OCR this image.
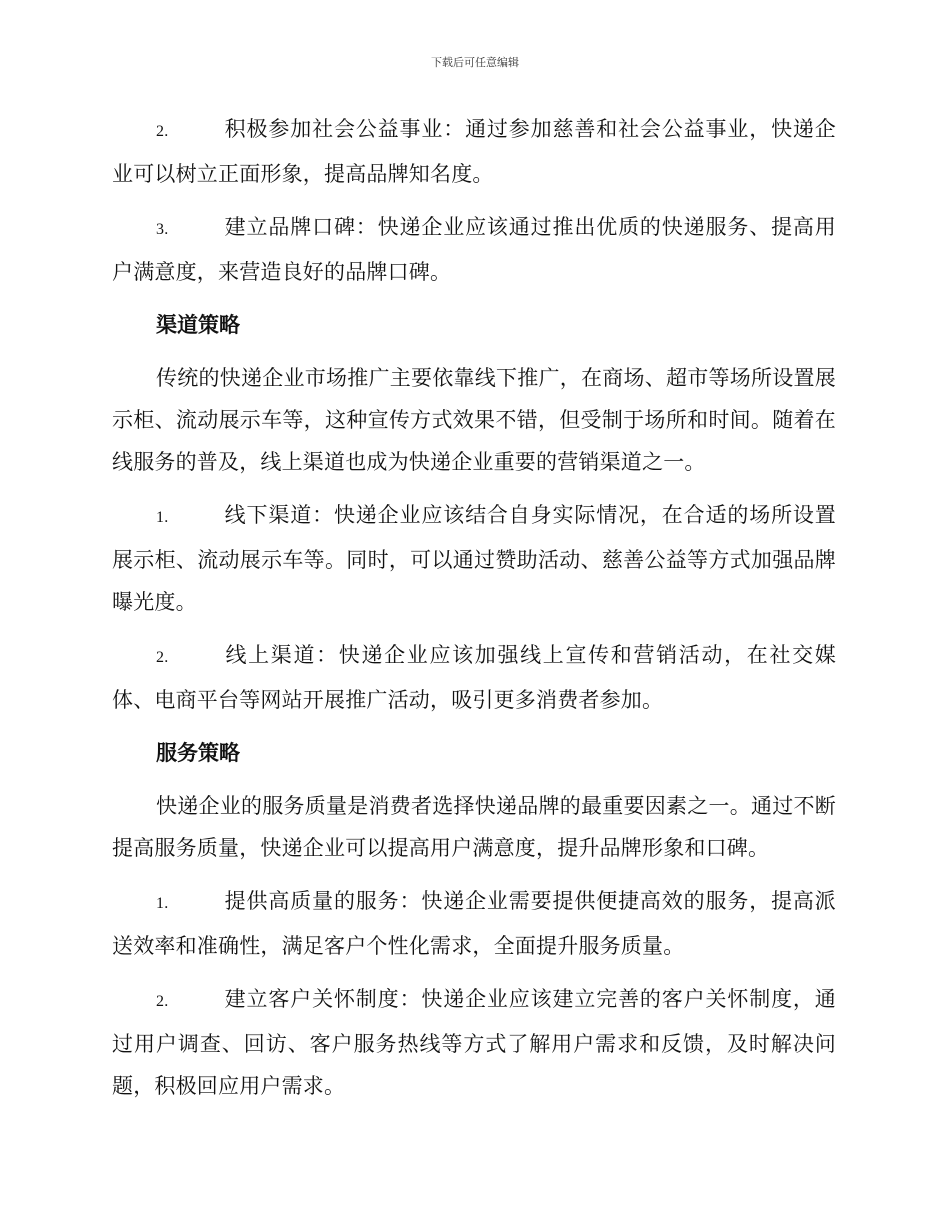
下载后可任意编辑

2.	积极参加社会公益事业：通过参加慈善和社会公益事业，快递企业可以树立正面形象，提高品牌知名度。

3.	建立品牌口碑：快递企业应该通过推出优质的快递服务、提高用户满意度，来营造良好的品牌口碑。

渠道策略

传统的快递企业市场推广主要依靠线下推广，在商场、超市等场所设置展示柜、流动展示车等，这种宣传方式效果不错，但受制于场所和时间。随着在线服务的普及，线上渠道也成为快递企业重要的营销渠道之一。

1.	线下渠道：快递企业应该结合自身实际情况，在合适的场所设置展示柜、流动展示车等。同时，可以通过赞助活动、慈善公益等方式加强品牌曝光度。

2.	线上渠道：快递企业应该加强线上宣传和营销活动，在社交媒体、电商平台等网站开展推广活动，吸引更多消费者参加。

服务策略

快递企业的服务质量是消费者选择快递品牌的最重要因素之一。通过不断提高服务质量，快递企业可以提高用户满意度，提升品牌形象和口碑。

1.	提供高质量的服务：快递企业需要提供便捷高效的服务，提高派送效率和准确性，满足客户个性化需求，全面提升服务质量。

2.	建立客户关怀制度：快递企业应该建立完善的客户关怀制度，通过用户调查、回访、客户服务热线等方式了解用户需求和反馈，及时解决问题，积极回应用户需求。
